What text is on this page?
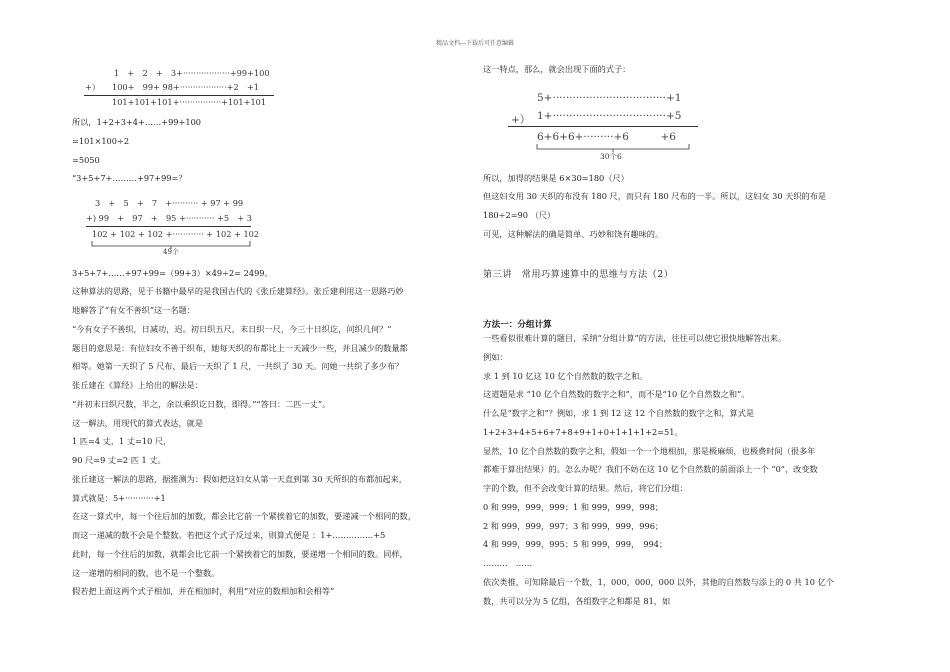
精品文档---下载后可任意编辑
1　+　2　+　3+··················+99+100
+） 100+　99+ 98+··················+2　+1
101+101+101+················+101+101
所以，1+2+3+4+……+99+100
=101×100÷2
=5050
“3+5+7+………+97+99=？
3　+　5　+　7　+·········· + 97 + 99
+) 99　+　97　+　95 +··········· +5　+ 3
102 + 102 + 102 +············ + 102 + 102
49个
3+5+7+……+97+99=（99+3）×49÷2= 2499。
这种算法的思路，见于书籍中最早的是我国古代的《张丘建算经》。张丘建利用这一思路巧妙
地解答了“有女不善织”这一名题：
“今有女子不善织，日减功，迟。初日织五尺，末日织一尺，今三十日织讫，问织几何？”
题目的意思是：有位妇女不善于织布，她每天织的布都比上一天减少一些，并且减少的数量都
相等。她第一天织了 5 尺布，最后一天织了 1 尺，一共织了 30 天。问她一共织了多少布？
张丘建在《算经》上给出的解法是：
“并初末日织尺数，半之，余以乘织讫日数，即得。”“答曰：二匹一丈”。
这一解法，用现代的算式表达，就是
1 匹=4 丈，1 丈=10 尺，
90 尺=9 丈=2 匹 1 丈。
张丘建这一解法的思路，据推测为：假如把这妇女从第一天直到第 30 天所织的布都加起来，
算式就是：5+···········+1
在这一算式中，每一个往后加的加数，都会比它前一个紧挨着它的加数，要递减一个相同的数，
而这一递减的数不会是个整数。若把这个式子反过来，则算式便是 ：1+……………+5
此时，每一个往后的加数，就都会比它前一个紧挨着它的加数，要递增一个相同的数。同样，
这一递增的相同的数，也不是一个整数。
假若把上面这两个式子相加，并在相加时，利用“对应的数相加和会相等”
这一特点，那么，就会出现下面的式子：
5+··································+1
+） 1+··································+5
6+6+6+·········+6　　　+6
30个6
所以，加得的结果是 6×30=180（尺）
但这妇女用 30 天织的布没有 180 尺，而只有 180 尺布的一半。所以，这妇女 30 天织的布是
180÷2=90 （尺）
可见，这种解法的确是简单、巧妙和饶有趣味的。
第三讲　常用巧算速算中的思维与方法（2）
方法一：分组计算
一些看似很难计算的题目，采纳“分组计算”的方法，往往可以使它很快地解答出来。
例如：
求 1 到 10 亿这 10 亿个自然数的数字之和。
这道题是求 “10 亿个自然数的数字之和”，而不是“10 亿个自然数之和”。
什么是“数字之和”？例如，求 1 到 12 这 12 个自然数的数字之和，算式是
1+2+3+4+5+6+7+8+9+1+0+1+1+1+2=51。
显然，10 亿个自然数的数字之和，假如一个一个地相加，那是极麻烦，也极费时间（很多年
都难于算出结果）的。怎么办呢？我们不妨在这 10 亿个自然数的前面添上一个 “0”，改变数
字的个数，但不会改变计算的结果。然后，将它们分组：
0 和 999，999，999；1 和 999，999，998；
2 和 999，999，997；3 和 999，999，996；
4 和 999，999，995；5 和 999，999，　994；
………　……
依次类推，可知除最后一个数，1，000，000，000 以外，其他的自然数与添上的 0 共 10 亿个
数，共可以分为 5 亿组，各组数字之和都是 81，如
